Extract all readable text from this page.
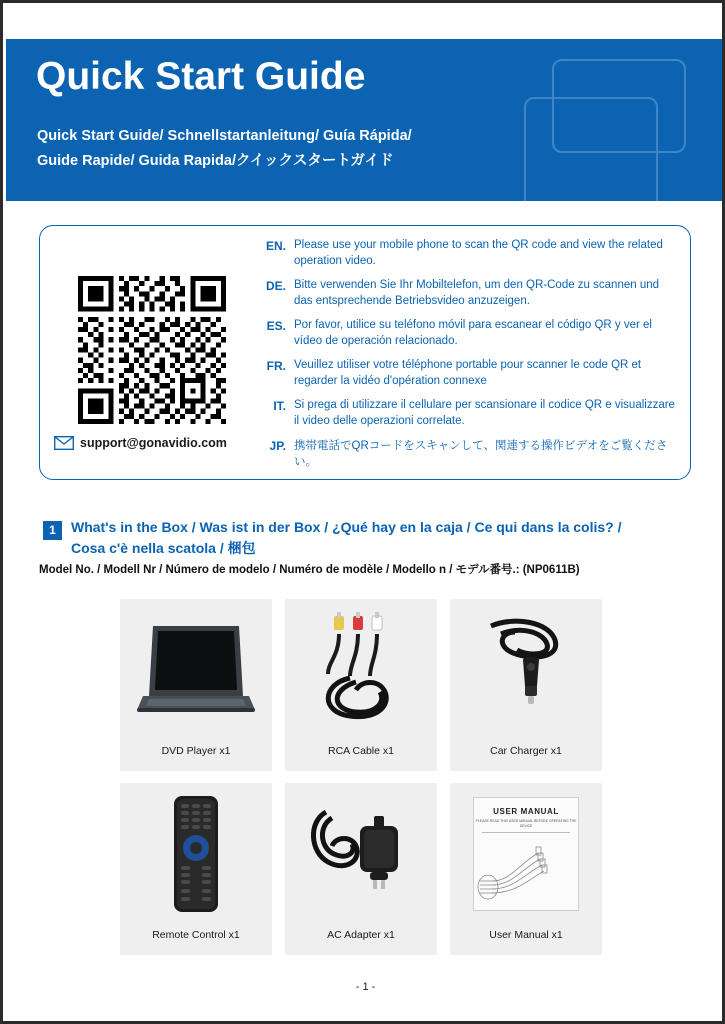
Quick Start Guide
Quick Start Guide/ Schnellstartanleitung/ Guía Rápida/
Guide Rapide/ Guida Rapida/クイックスタートガイド
support@gonavidio.com
EN. Please use your mobile phone to scan the QR code and view the related operation video.
DE. Bitte verwenden Sie Ihr Mobiltelefon, um den QR-Code zu scannen und das entsprechende Betriebsvideo anzuzeigen.
ES. Por favor, utilice su teléfono móvil para escanear el código QR y ver el vídeo de operación relacionado.
FR. Veuillez utiliser votre téléphone portable pour scanner le code QR et regarder la vidéo d'opération connexe
IT. Si prega di utilizzare il cellulare per scansionare il codice QR e visualizzare il video delle operazioni correlate.
JP. 携帯電話でQRコードをスキャンして、関連する操作ビデオをご覧ください。
1	What's in the Box / Was ist in der Box / ¿Qué hay en la caja / Ce qui dans la colis? /
Cosa c'è nella scatola / 梱包
Model No. / Modell Nr / Número de modelo / Numéro de modèle / Modello n / モデル番号.: (NP0611B)
DVD Player x1	RCA Cable x1	Car Charger x1
Remote Control x1	AC Adapter x1
USER MANUAL
PLEASE READ THIS USER MANUAL BEFORE OPERATING THE DEVICE
User Manual x1
- 1 -
